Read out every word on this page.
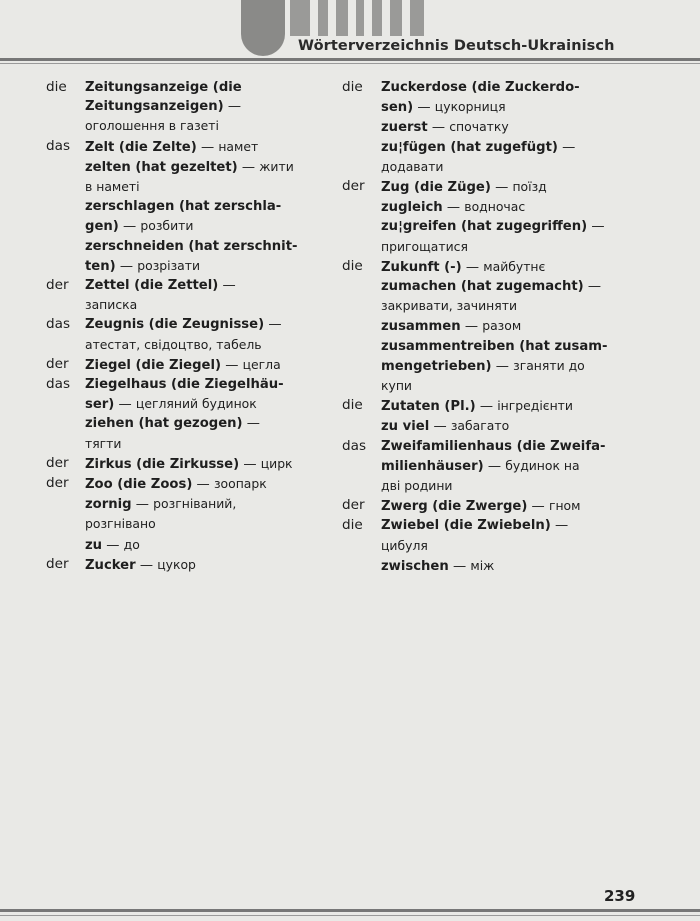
Wörterverzeichnis Deutsch-Ukrainisch
die Zeitungsanzeige (die
Zeitungsanzeigen) —
оголошення в газеті
das Zelt (die Zelte) — намет
zelten (hat gezeltet) — жити
в наметі
zerschlagen (hat zerschla-
gen) — розбити
zerschneiden (hat zerschnit-
ten) — розрізати
der Zettel (die Zettel) —
записка
das Zeugnis (die Zeugnisse) —
атестат, свідоцтво, табель
der Ziegel (die Ziegel) — цегла
das Ziegelhaus (die Ziegelhäu-
ser) — цегляний будинок
ziehen (hat gezogen) —
тягти
der Zirkus (die Zirkusse) — цирк
der Zoo (die Zoos) — зоопарк
zornig — розгніваний,
розгнівано
zu — до
der Zucker — цукор
die Zuckerdose (die Zuckerdo-
sen) — цукорниця
zuerst — спочатку
zu¦fügen (hat zugefügt) —
додавати
der Zug (die Züge) — поїзд
zugleich — водночас
zu¦greifen (hat zugegriffen) —
пригощатися
die Zukunft (-) — майбутнє
zumachen (hat zugemacht) —
закривати, зачиняти
zusammen — разом
zusammentreiben (hat zusam-
mengetrieben) — зганяти до
купи
die Zutaten (Pl.) — інгредієнти
zu viel — забагато
das Zweifamilienhaus (die Zweifa-
milienhäuser) — будинок на
дві родини
der Zwerg (die Zwerge) — гном
die Zwiebel (die Zwiebeln) —
цибуля
zwischen — між
239
